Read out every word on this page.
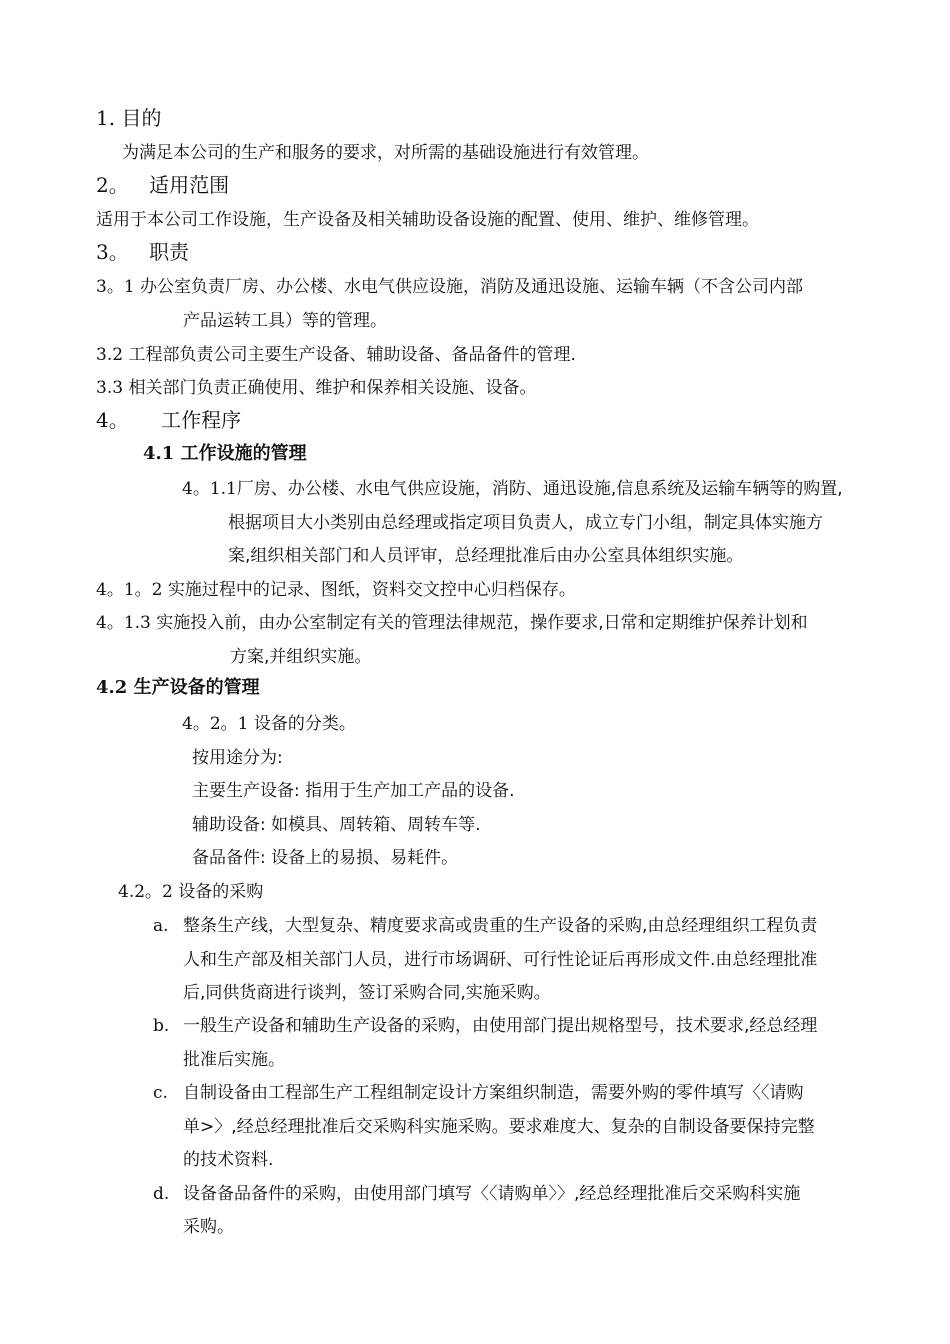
1. 目的
为满足本公司的生产和服务的要求，对所需的基础设施进行有效管理。
2。 适用范围
适用于本公司工作设施，生产设备及相关辅助设备设施的配置、使用、维护、维修管理。
3。 职责
3。1 办公室负责厂房、办公楼、水电气供应设施，消防及通迅设施、运输车辆（不含公司内部
产品运转工具）等的管理。
3.2 工程部负责公司主要生产设备、辅助设备、备品备件的管理.
3.3 相关部门负责正确使用、维护和保养相关设施、设备。
4。 工作程序
4.1 工作设施的管理
4。1.1厂房、办公楼、水电气供应设施，消防、通迅设施,信息系统及运输车辆等的购置,
根据项目大小类别由总经理或指定项目负责人，成立专门小组，制定具体实施方
案,组织相关部门和人员评审，总经理批准后由办公室具体组织实施。
4。1。2 实施过程中的记录、图纸，资料交文控中心归档保存。
4。1.3 实施投入前，由办公室制定有关的管理法律规范，操作要求,日常和定期维护保养计划和
方案,并组织实施。
4.2 生产设备的管理
4。2。1 设备的分类。
按用途分为:
主要生产设备: 指用于生产加工产品的设备.
辅助设备: 如模具、周转箱、周转车等.
备品备件: 设备上的易损、易耗件。
4.2。2 设备的采购
a. 整条生产线，大型复杂、精度要求高或贵重的生产设备的采购,由总经理组织工程负责
人和生产部及相关部门人员，进行市场调研、可行性论证后再形成文件.由总经理批准
后,同供货商进行谈判，签订采购合同,实施采购。
b. 一般生产设备和辅助生产设备的采购，由使用部门提出规格型号，技术要求,经总经理
批准后实施。
c. 自制设备由工程部生产工程组制定设计方案组织制造，需要外购的零件填写〈〈请购
单>〉,经总经理批准后交采购科实施采购。要求难度大、复杂的自制设备要保持完整
的技术资料.
d. 设备备品备件的采购，由使用部门填写〈〈请购单〉〉,经总经理批准后交采购科实施
采购。
